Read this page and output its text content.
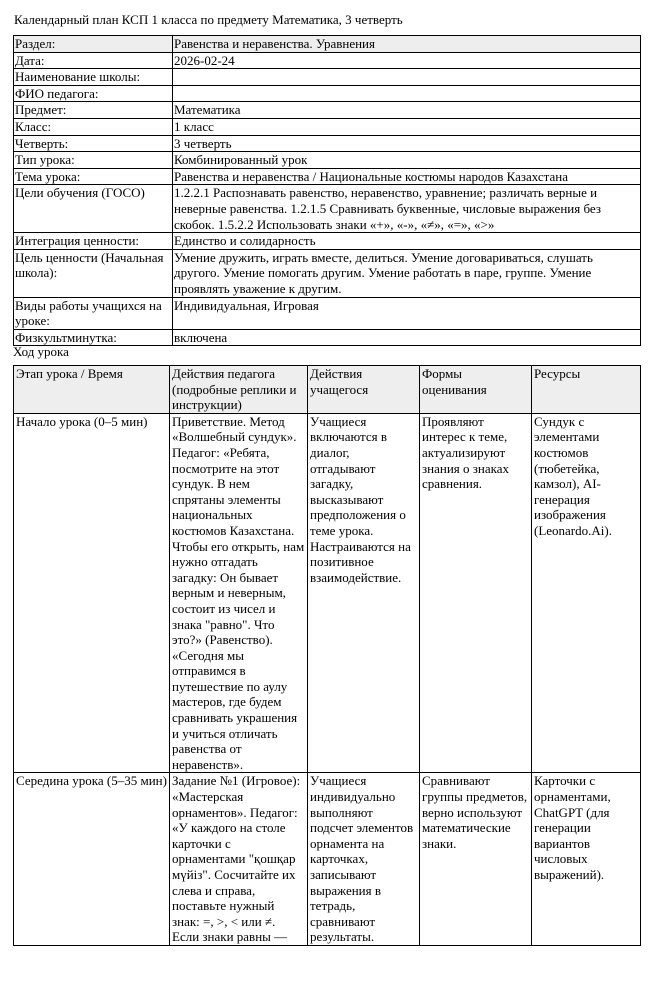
Календарный план КСП 1 класса по предмету Математика, 3 четверть
Раздел:	Равенства и неравенства. Уравнения
Дата:	2026-02-24
Наименование школы:	
ФИО педагога:	
Предмет:	Математика
Класс:	1 класс
Четверть:	3 четверть
Тип урока:	Комбинированный урок
Тема урока:	Равенства и неравенства / Национальные костюмы народов Казахстана
Цели обучения (ГОСО)	1.2.2.1 Распознавать равенство, неравенство, уравнение; различать верные и неверные равенства. 1.2.1.5 Сравнивать буквенные, числовые выражения без скобок. 1.5.2.2 Использовать знаки «+», «-», «≠», «=», «>»
Интеграция ценности:	Единство и солидарность
Цель ценности (Начальная школа):	Умение дружить, играть вместе, делиться. Умение договариваться, слушать другого. Умение помогать другим. Умение работать в паре, группе. Умение проявлять уважение к другим.
Виды работы учащихся на уроке:	Индивидуальная, Игровая
Физкультминутка:	включена
Ход урока
Этап урока / Время	Действия педагога (подробные реплики и инструкции)	Действия учащегося	Формы оценивания	Ресурсы
Начало урока (0–5 мин)	Приветствие. Метод «Волшебный сундук». Педагог: «Ребята, посмотрите на этот сундук. В нем спрятаны элементы национальных костюмов Казахстана. Чтобы его открыть, нам нужно отгадать загадку: Он бывает верным и неверным, состоит из чисел и знака "равно". Что это?» (Равенство). «Сегодня мы отправимся в путешествие по аулу мастеров, где будем сравнивать украшения и учиться отличать равенства от неравенств».	Учащиеся включаются в диалог, отгадывают загадку, высказывают предположения о теме урока. Настраиваются на позитивное взаимодействие.	Проявляют интерес к теме, актуализируют знания о знаках сравнения.	Сундук с элементами костюмов (тюбетейка, камзол), AI-генерация изображения (Leonardo.Ai).
Середина урока (5–35 мин)	Задание №1 (Игровое): «Мастерская орнаментов». Педагог: «У каждого на столе карточки с орнаментами "қошқар мүйіз". Сосчитайте их слева и справа, поставьте нужный знак: =, >, < или ≠. Если знаки равны —	Учащиеся индивидуально выполняют подсчет элементов орнамента на карточках, записывают выражения в тетрадь, сравнивают результаты.	Сравнивают группы предметов, верно используют математические знаки.	Карточки с орнаментами, ChatGPT (для генерации вариантов числовых выражений).
